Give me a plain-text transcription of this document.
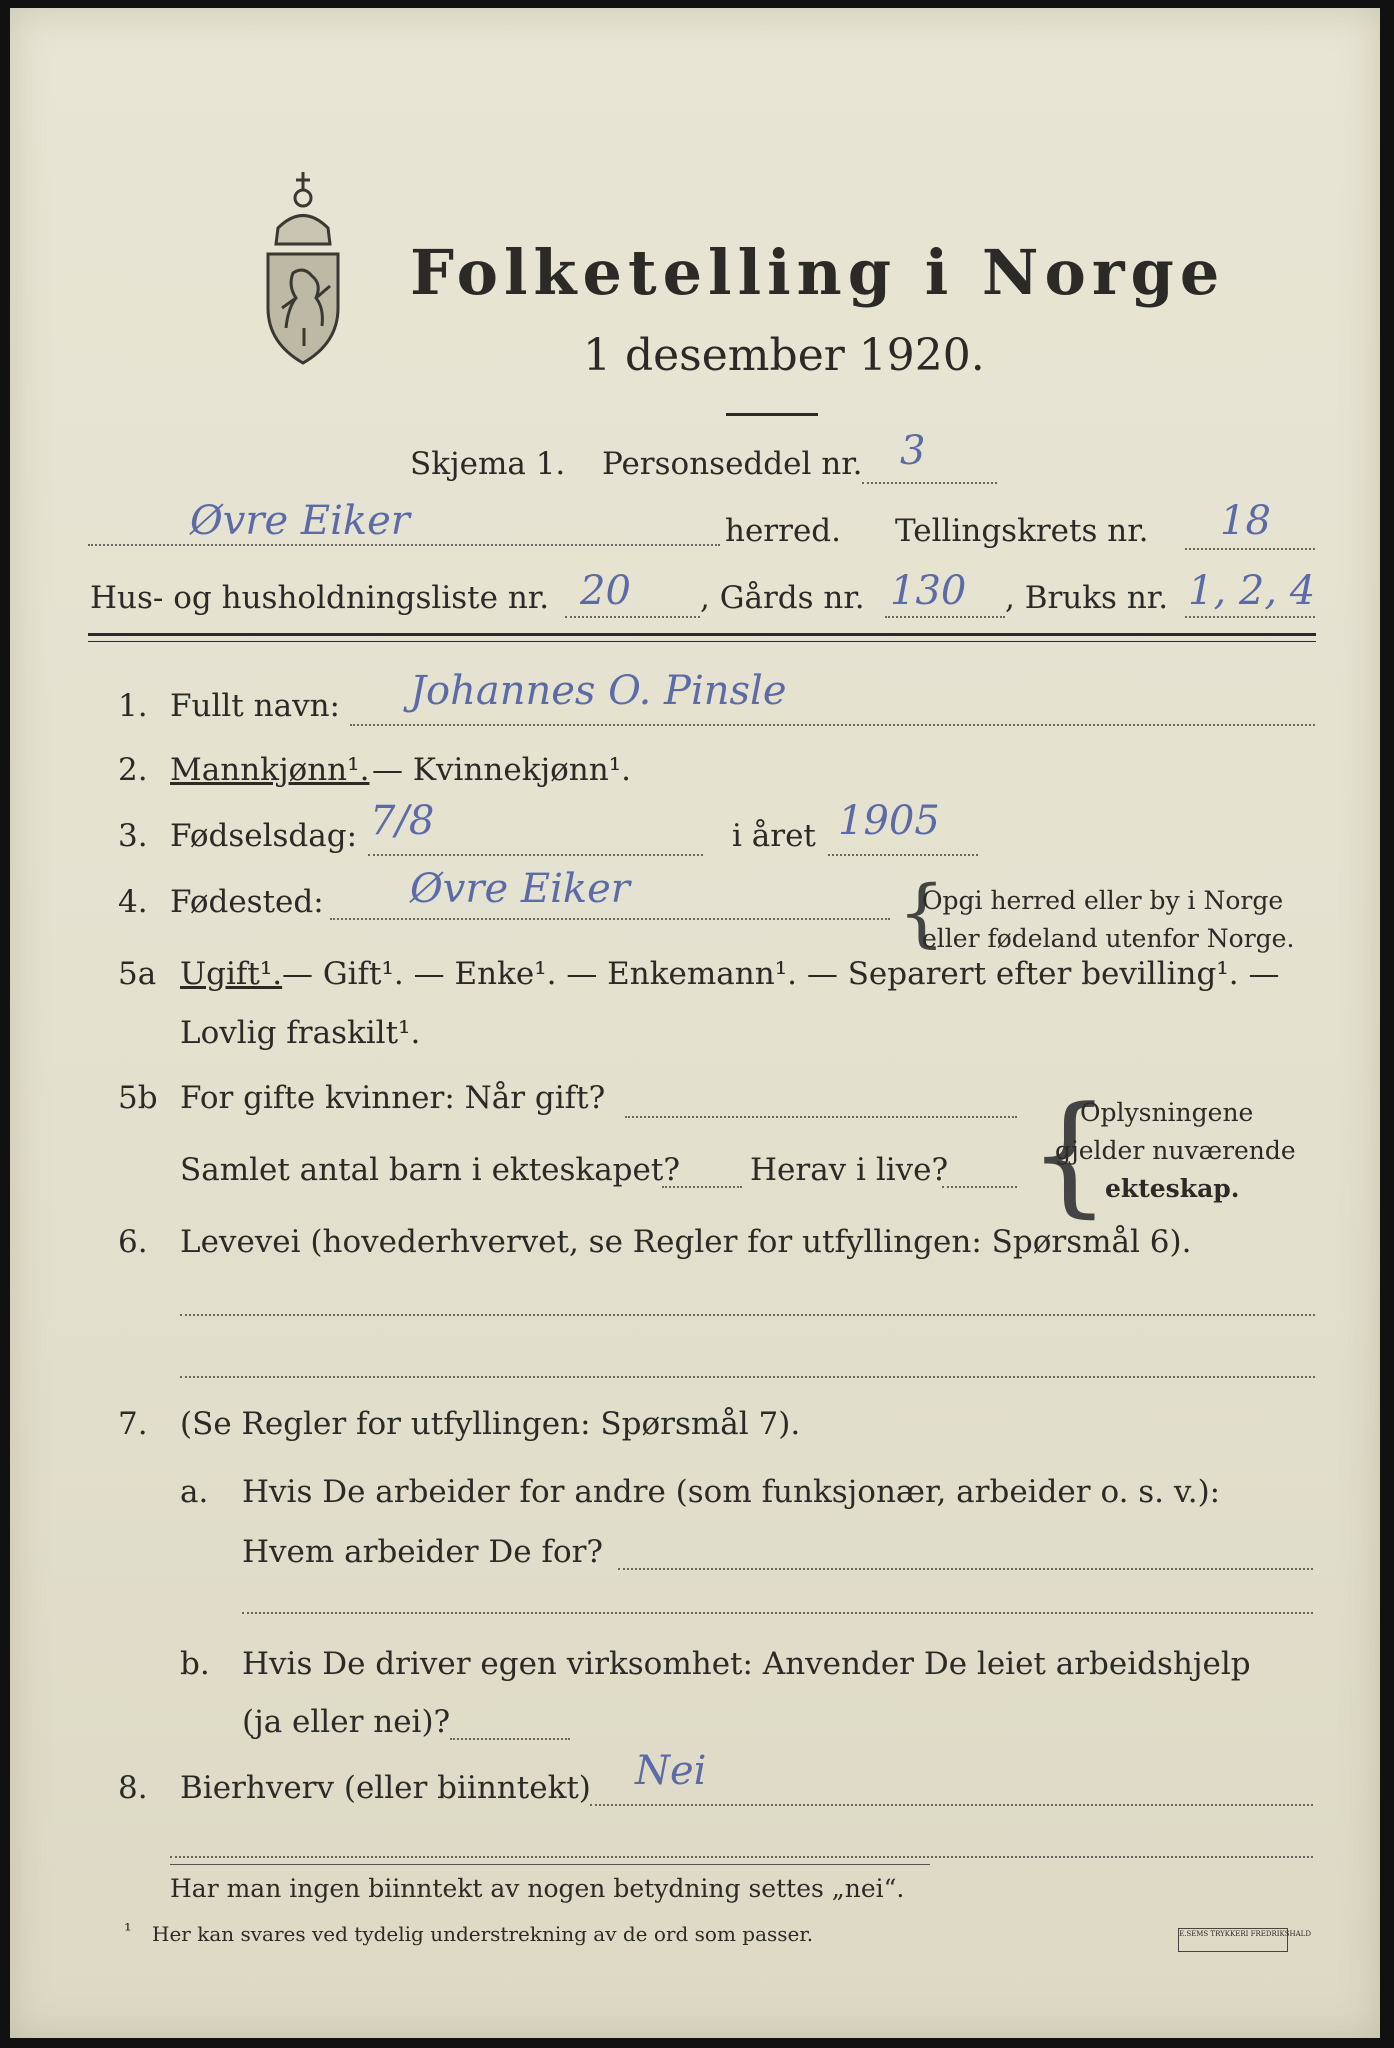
Folketelling i Norge
1 desember 1920.
Skjema 1. Personseddel nr. 3
Øvre Eiker	herred. Tellingskrets nr. 18
Hus- og husholdningsliste nr. 20 , Gårds nr. 130 , Bruks nr. 1, 2, 4
1. Fullt navn: Johannes O. Pinsle
2. Mannkjønn¹. — Kvinnekjønn¹.
3. Fødselsdag: 7/8	i året 1905
4. Fødested: Øvre Eiker	{
Opgi herred eller by i Norge
eller fødeland utenfor Norge.
5a Ugift¹. — Gift¹. — Enke¹. — Enkemann¹. — Separert efter bevilling¹. —
Lovlig fraskilt¹.
5b For gifte kvinner: Når gift?
Samlet antal barn i ekteskapet? Herav i live? {
Oplysningene
gjelder nuværende
ekteskap.
6. Levevei (hovederhvervet, se Regler for utfyllingen: Spørsmål 6).
7. (Se Regler for utfyllingen: Spørsmål 7).
a. Hvis De arbeider for andre (som funksjonær, arbeider o. s. v.):
Hvem arbeider De for?
b. Hvis De driver egen virksomhet: Anvender De leiet arbeidshjelp
(ja eller nei)?
8. Bierhverv (eller biinntekt) Nei
Har man ingen biinntekt av nogen betydning settes „nei“.
¹ Her kan svares ved tydelig understrekning av de ord som passer.	E.SEMS TRYKKERI FREDRIKSHALD
